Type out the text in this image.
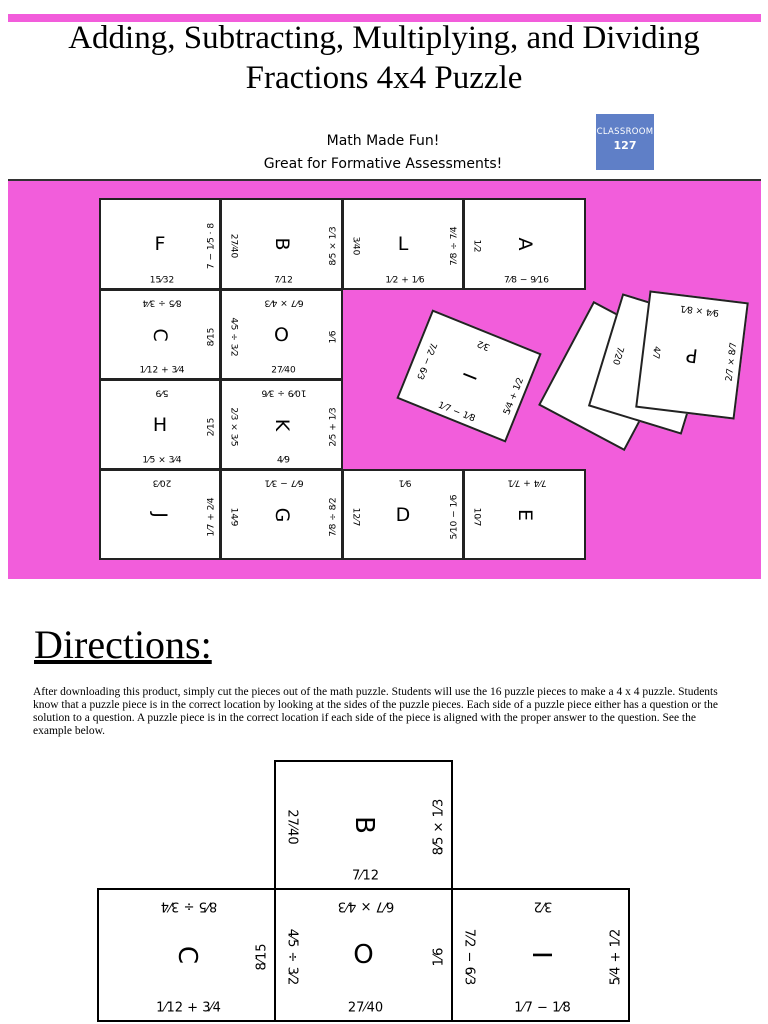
Adding, Subtracting, Multiplying, and Dividing
Fractions 4x4 Puzzle
Math Made Fun!
Great for Formative Assessments!
CLASSROOM
127
F
15⁄32
7 − 1⁄5 · 8	B
7⁄12
27⁄40	8⁄5 × 1⁄3	L
1⁄2 + 1⁄6
3⁄40	7⁄8 ÷ 7⁄4	A
7⁄8 − 9⁄16
1⁄2
C
8⁄5 ÷ 3⁄4
1⁄12 + 3⁄4
8⁄15	O
6⁄7 × 4⁄3
27⁄40
4⁄5 ÷ 3⁄2	1⁄6
H
5⁄9
1⁄5 × 3⁄4
2⁄15	K
10⁄9 ÷ 3⁄6
4⁄9
2⁄3 × 3⁄5	2⁄5 + 1⁄3
J
20⁄3
1⁄7 + 2⁄4	G
6⁄7 − 3⁄1
14⁄9	7⁄8 ÷ 8⁄2	D
9⁄1
12⁄7	5⁄10 − 1⁄6	E
7⁄4 + 7⁄1
10⁄7
7⁄20
I
3⁄2
1⁄7 − 1⁄8
7⁄2 − 6⁄3
5⁄4 + 1⁄2
P
9⁄4 × 8⁄1
4⁄7	2⁄7 × 8⁄7
Directions:
After downloading this product, simply cut the pieces out of the math puzzle. Students will use the 16 puzzle pieces to make a 4 x 4 puzzle. Students know that a puzzle piece is in the correct location by looking at the sides of the puzzle pieces. Each side of a puzzle piece either has a question or the solution to a question. A puzzle piece is in the correct location if each side of the piece is aligned with the proper answer to the question. See the example below.
B
7⁄12
27⁄40	8⁄5 × 1⁄3
C
8⁄5 ÷ 3⁄4
1⁄12 + 3⁄4
8⁄15	O
6⁄7 × 4⁄3
27⁄40
4⁄5 ÷ 3⁄2	1⁄6	I
3⁄2
1⁄7 − 1⁄8
7⁄2 − 6⁄3	5⁄4 + 1⁄2
